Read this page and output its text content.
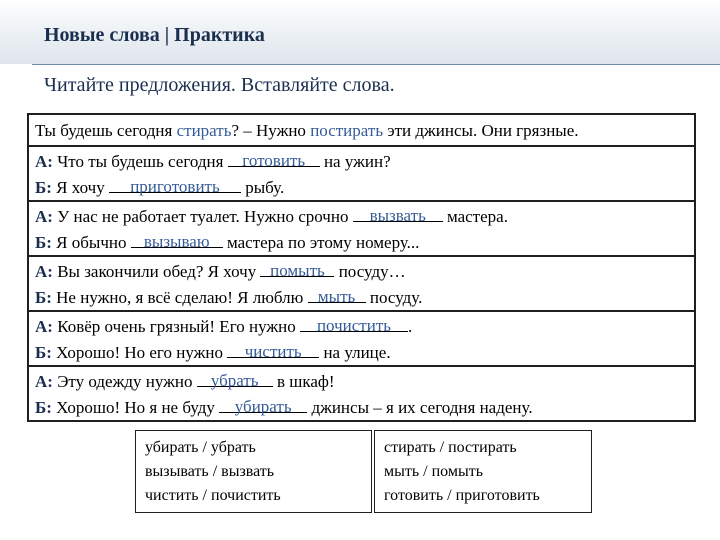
Новые слова | Практика
Читайте предложения. Вставляйте слова.
Ты будешь сегодня стирать? – Нужно постирать эти джинсы. Они грязные.
А: Что ты будешь сегодня	готовить	на ужин?
Б: Я хочу	приготовить	рыбу.
А: У нас не работает туалет. Нужно срочно	вызвать	мастера.
Б: Я обычно	вызываю	мастера по этому номеру...
А: Вы закончили обед? Я хочу помыть посуду…
Б: Не нужно, я всё сделаю! Я люблю мыть посуду.
А: Ковёр очень грязный! Его нужно	почистить .
Б: Хорошо! Но его нужно	чистить	на улице.
А: Эту одежду нужно	убрать	в шкаф!
Б: Хорошо! Но я не буду	убирать	джинсы – я их сегодня надену.
убирать / убрать
вызывать / вызвать
чистить / почистить
стирать / постирать
мыть / помыть
готовить / приготовить
